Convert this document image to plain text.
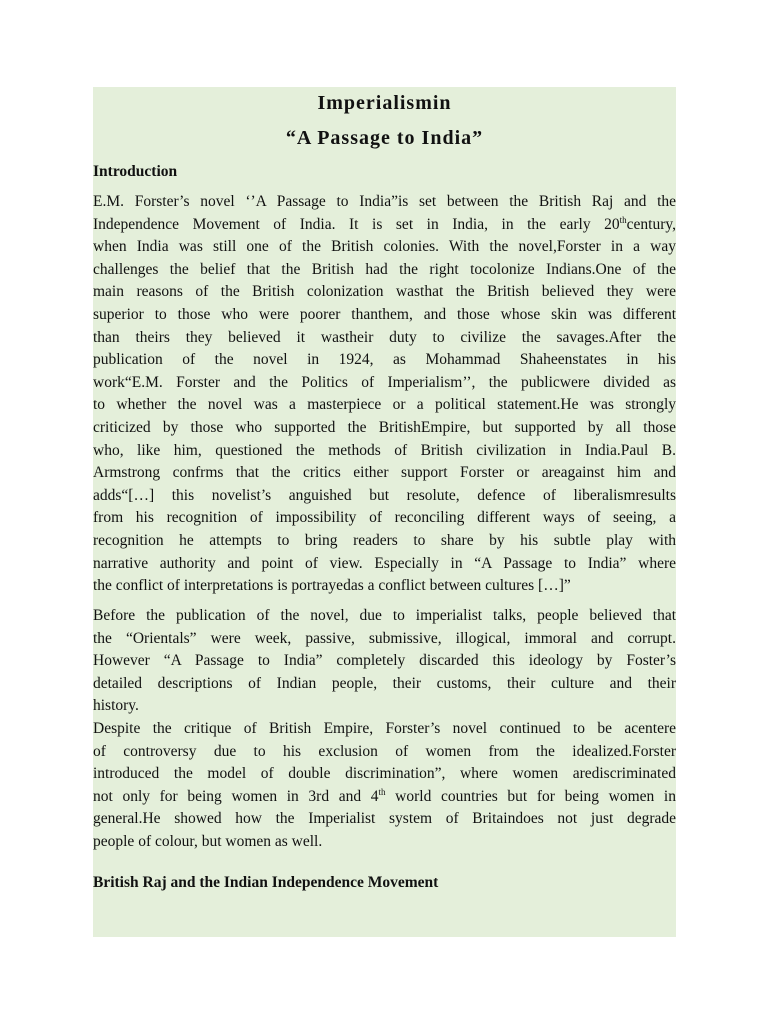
Imperialismin
“A Passage to India”
Introduction
E.M. Forster’s novel ‘’A Passage to India”is set between the British Raj and the
Independence Movement of India. It is set in India, in the early 20thcentury,
when India was still one of the British colonies. With the novel,Forster in a way
challenges the belief that the British had the right tocolonize Indians.One of the
main reasons of the British colonization wasthat the British believed they were
superior to those who were poorer thanthem, and those whose skin was different
than theirs they believed it wastheir duty to civilize the savages.After the
publication of the novel in 1924, as Mohammad Shaheenstates in his
work“E.M. Forster and the Politics of Imperialism’’, the publicwere divided as
to whether the novel was a masterpiece or a political statement.He was strongly
criticized by those who supported the BritishEmpire, but supported by all those
who, like him, questioned the methods of British civilization in India.Paul B.
Armstrong confrms that the critics either support Forster or areagainst him and
adds“[…] this novelist’s anguished but resolute, defence of liberalismresults
from his recognition of impossibility of reconciling different ways of seeing, a
recognition he attempts to bring readers to share by his subtle play with
narrative authority and point of view. Especially in “A Passage to India” where
the conflict of interpretations is portrayedas a conflict between cultures […]”
Before the publication of the novel, due to imperialist talks, people believed that
the “Orientals” were week, passive, submissive, illogical, immoral and corrupt.
However “A Passage to India” completely discarded this ideology by Foster’s
detailed descriptions of Indian people, their customs, their culture and their
history.
Despite the critique of British Empire, Forster’s novel continued to be acentere
of controversy due to his exclusion of women from the idealized.Forster
introduced the model of double discrimination”, where women arediscriminated
not only for being women in 3rd and 4th world countries but for being women in
general.He showed how the Imperialist system of Britaindoes not just degrade
people of colour, but women as well.
British Raj and the Indian Independence Movement
